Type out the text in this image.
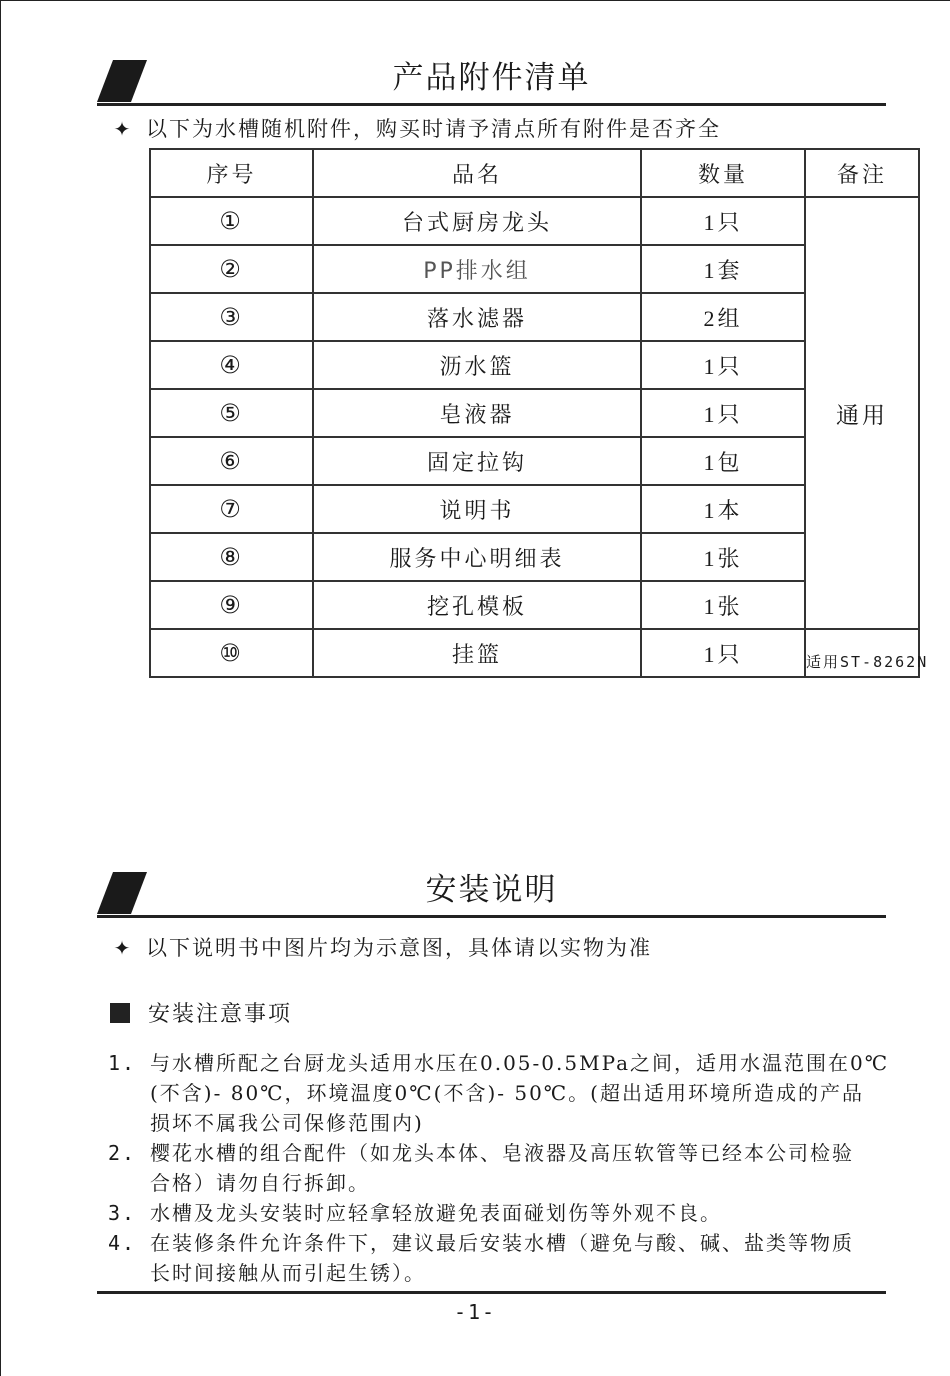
产品附件清单
✦ 以下为水槽随机附件，购买时请予清点所有附件是否齐全
序号	品名	数量	备注
①	台式厨房龙头	1只	通用
②	PP排水组	1套	
③	落水滤器	2组	
④	沥水篮	1只	
⑤	皂液器	1只	
⑥	固定拉钩	1包	
⑦	说明书	1本	
⑧	服务中心明细表	1张	
⑨	挖孔模板	1张	
⑩	挂篮	1只	适用ST-8262N
安装说明
✦ 以下说明书中图片均为示意图，具体请以实物为准
安装注意事项
1. 与水槽所配之台厨龙头适用水压在0.05-0.5MPa之间，适用水温范围在0℃
(不含)- 80℃，环境温度0℃(不含)- 50℃。(超出适用环境所造成的产品
损坏不属我公司保修范围内)
2. 樱花水槽的组合配件（如龙头本体、皂液器及高压软管等已经本公司检验
合格）请勿自行拆卸。
3. 水槽及龙头安装时应轻拿轻放避免表面碰划伤等外观不良。
4. 在装修条件允许条件下，建议最后安装水槽（避免与酸、碱、盐类等物质
长时间接触从而引起生锈）。
-1-
